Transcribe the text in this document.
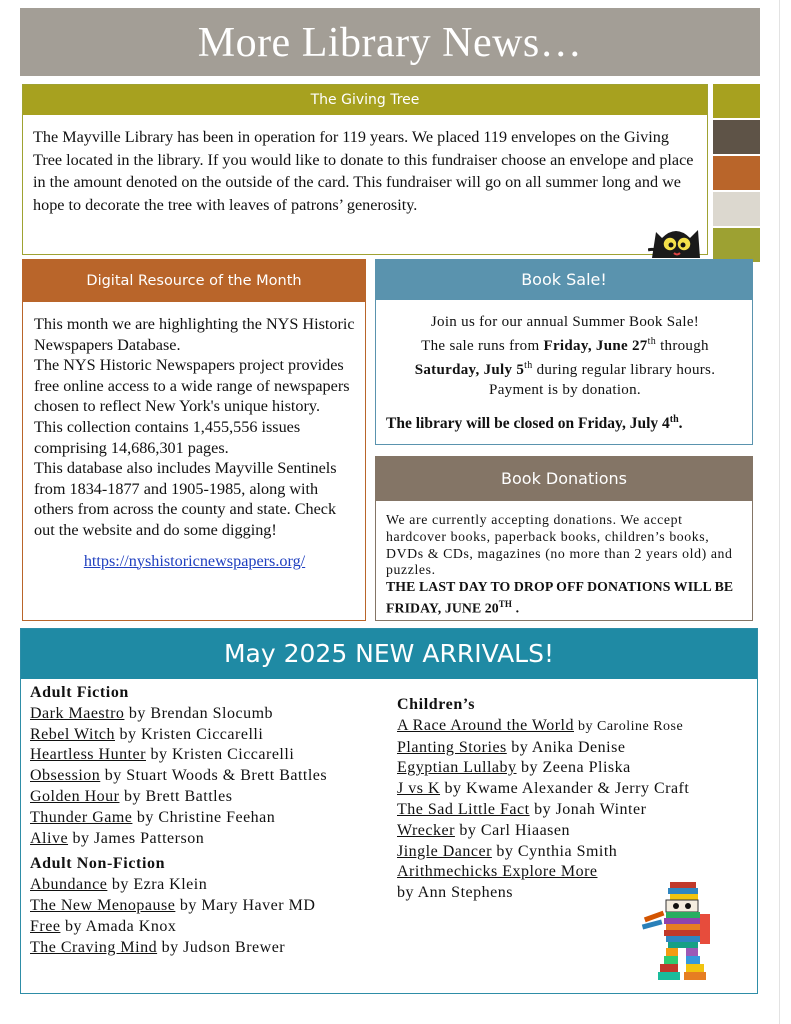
More Library News…
The Giving Tree
The Mayville Library has been in operation for 119 years. We placed 119 envelopes on the Giving Tree located in the library. If you would like to donate to this fundraiser choose an envelope and place in the amount denoted on the outside of the card. This fundraiser will go on all summer long and we hope to decorate the tree with leaves of patrons’ generosity.
Digital Resource of the Month
This month we are highlighting the NYS Historic Newspapers Database.
The NYS Historic Newspapers project provides free online access to a wide range of newspapers chosen to reflect New York's unique history.
This collection contains 1,455,556 issues comprising 14,686,301 pages.
This database also includes Mayville Sentinels from 1834-1877 and 1905-1985, along with others from across the county and state. Check out the website and do some digging!
https://nyshistoricnewspapers.org/
Book Sale!
Join us for our annual Summer Book Sale!
The sale runs from Friday, June 27th through
Saturday, July 5th during regular library hours. Payment is by donation.
The library will be closed on Friday, July 4th.
Book Donations
We are currently accepting donations. We accept hardcover books, paperback books, children’s books, DVDs & CDs, magazines (no more than 2 years old) and puzzles.
THE LAST DAY TO DROP OFF DONATIONS WILL BE FRIDAY, JUNE 20TH .
May 2025 NEW ARRIVALS!
Adult Fiction
Dark Maestro by Brendan Slocumb
Rebel Witch by Kristen Ciccarelli
Heartless Hunter by Kristen Ciccarelli
Obsession by Stuart Woods & Brett Battles
Golden Hour by Brett Battles
Thunder Game by Christine Feehan
Alive by James Patterson
Adult Non-Fiction
Abundance by Ezra Klein
The New Menopause by Mary Haver MD
Free by Amada Knox
The Craving Mind by Judson Brewer
Children’s
A Race Around the World by Caroline Rose
Planting Stories by Anika Denise
Egyptian Lullaby by Zeena Pliska
J vs K by Kwame Alexander & Jerry Craft
The Sad Little Fact by Jonah Winter
Wrecker by Carl Hiaasen
Jingle Dancer by Cynthia Smith
Arithmechicks Explore More
by Ann Stephens
